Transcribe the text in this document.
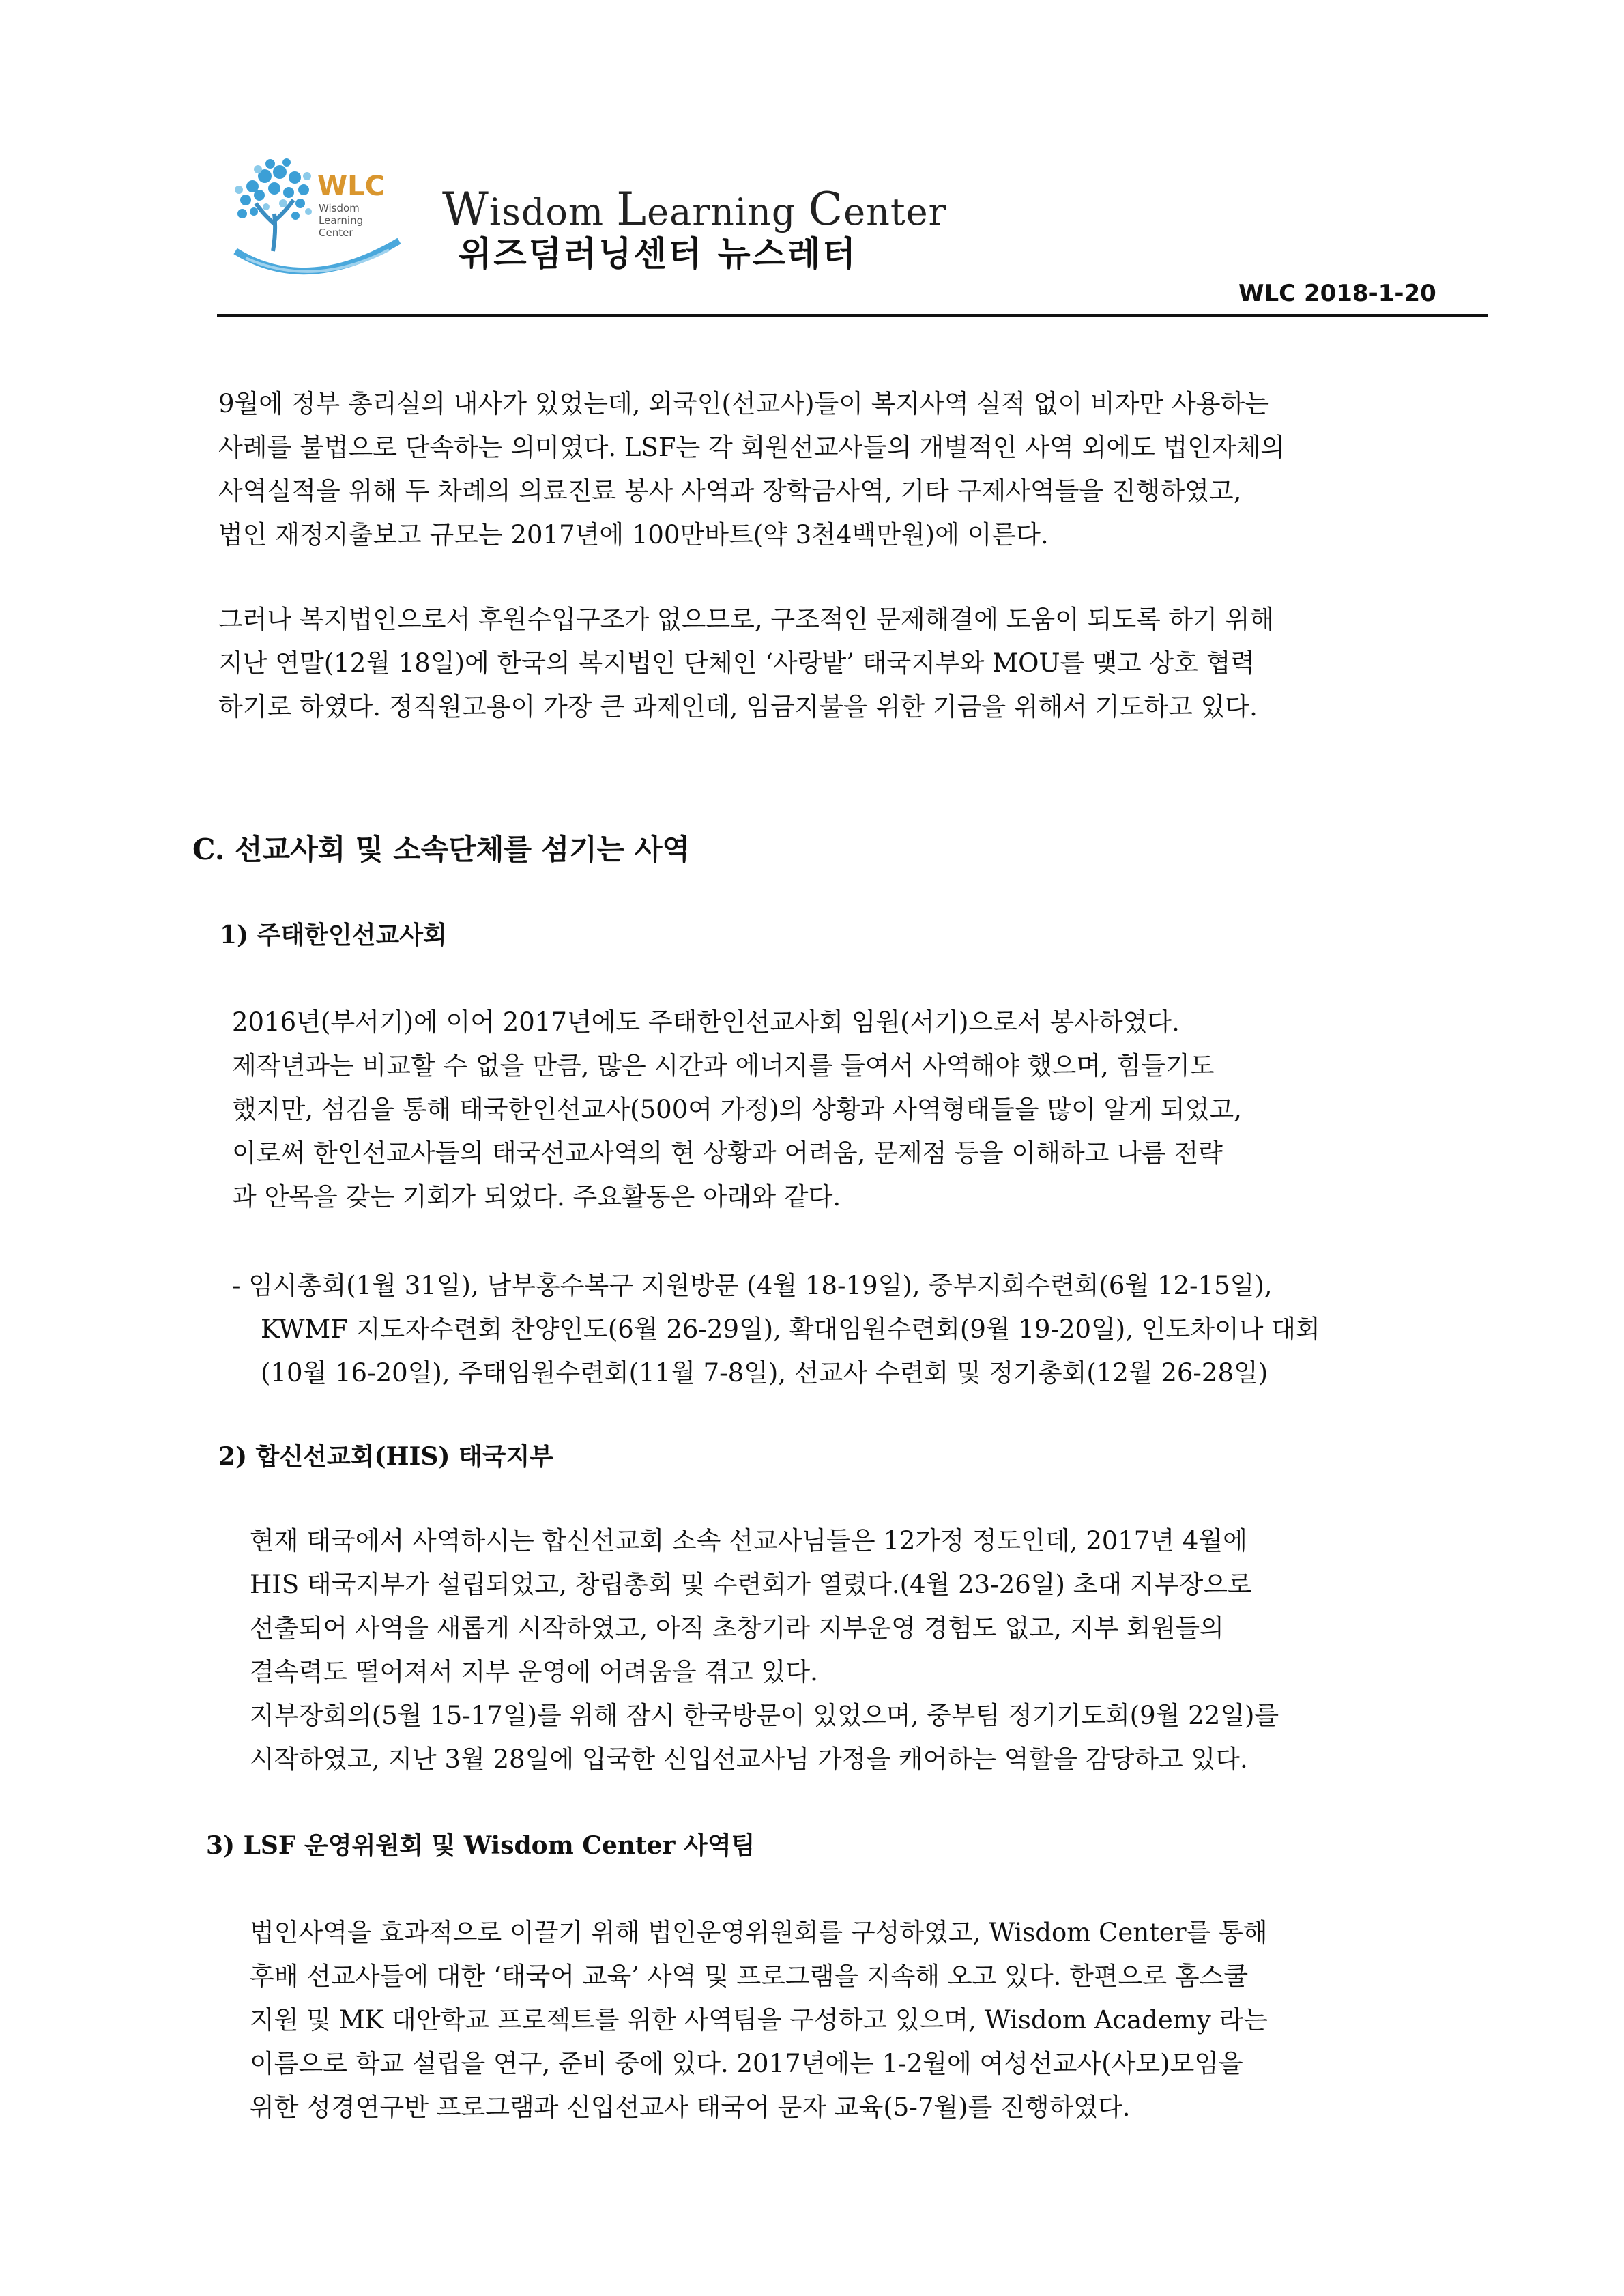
WLC
Wisdom
Learning
Center Wisdom Learning Center
위즈덤러닝센터 뉴스레터
WLC 2018-1-20
9월에 정부 총리실의 내사가 있었는데, 외국인(선교사)들이 복지사역 실적 없이 비자만 사용하는
사례를 불법으로 단속하는 의미였다. LSF는 각 회원선교사들의 개별적인 사역 외에도 법인자체의
사역실적을 위해 두 차례의 의료진료 봉사 사역과 장학금사역, 기타 구제사역들을 진행하였고,
법인 재정지출보고 규모는 2017년에 100만바트(약 3천4백만원)에 이른다.
그러나 복지법인으로서 후원수입구조가 없으므로, 구조적인 문제해결에 도움이 되도록 하기 위해
지난 연말(12월 18일)에 한국의 복지법인 단체인 ‘사랑밭’ 태국지부와 MOU를 맺고 상호 협력
하기로 하였다. 정직원고용이 가장 큰 과제인데, 임금지불을 위한 기금을 위해서 기도하고 있다.
C. 선교사회 및 소속단체를 섬기는 사역
1) 주태한인선교사회
2016년(부서기)에 이어 2017년에도 주태한인선교사회 임원(서기)으로서 봉사하였다.
제작년과는 비교할 수 없을 만큼, 많은 시간과 에너지를 들여서 사역해야 했으며, 힘들기도
했지만, 섬김을 통해 태국한인선교사(500여 가정)의 상황과 사역형태들을 많이 알게 되었고,
이로써 한인선교사들의 태국선교사역의 현 상황과 어려움, 문제점 등을 이해하고 나름 전략
과 안목을 갖는 기회가 되었다. 주요활동은 아래와 같다.
- 임시총회(1월 31일), 남부홍수복구 지원방문 (4월 18-19일), 중부지회수련회(6월 12-15일),
KWMF 지도자수련회 찬양인도(6월 26-29일), 확대임원수련회(9월 19-20일), 인도차이나 대회
(10월 16-20일), 주태임원수련회(11월 7-8일), 선교사 수련회 및 정기총회(12월 26-28일)
2) 합신선교회(HIS) 태국지부
현재 태국에서 사역하시는 합신선교회 소속 선교사님들은 12가정 정도인데, 2017년 4월에
HIS 태국지부가 설립되었고, 창립총회 및 수련회가 열렸다.(4월 23-26일) 초대 지부장으로
선출되어 사역을 새롭게 시작하였고, 아직 초창기라 지부운영 경험도 없고, 지부 회원들의
결속력도 떨어져서 지부 운영에 어려움을 겪고 있다.
지부장회의(5월 15-17일)를 위해 잠시 한국방문이 있었으며, 중부팀 정기기도회(9월 22일)를
시작하였고, 지난 3월 28일에 입국한 신입선교사님 가정을 캐어하는 역할을 감당하고 있다.
3) LSF 운영위원회 및 Wisdom Center 사역팀
법인사역을 효과적으로 이끌기 위해 법인운영위원회를 구성하였고, Wisdom Center를 통해
후배 선교사들에 대한 ‘태국어 교육’ 사역 및 프로그램을 지속해 오고 있다. 한편으로 홈스쿨
지원 및 MK 대안학교 프로젝트를 위한 사역팀을 구성하고 있으며, Wisdom Academy 라는
이름으로 학교 설립을 연구, 준비 중에 있다. 2017년에는 1-2월에 여성선교사(사모)모임을
위한 성경연구반 프로그램과 신입선교사 태국어 문자 교육(5-7월)를 진행하였다.
